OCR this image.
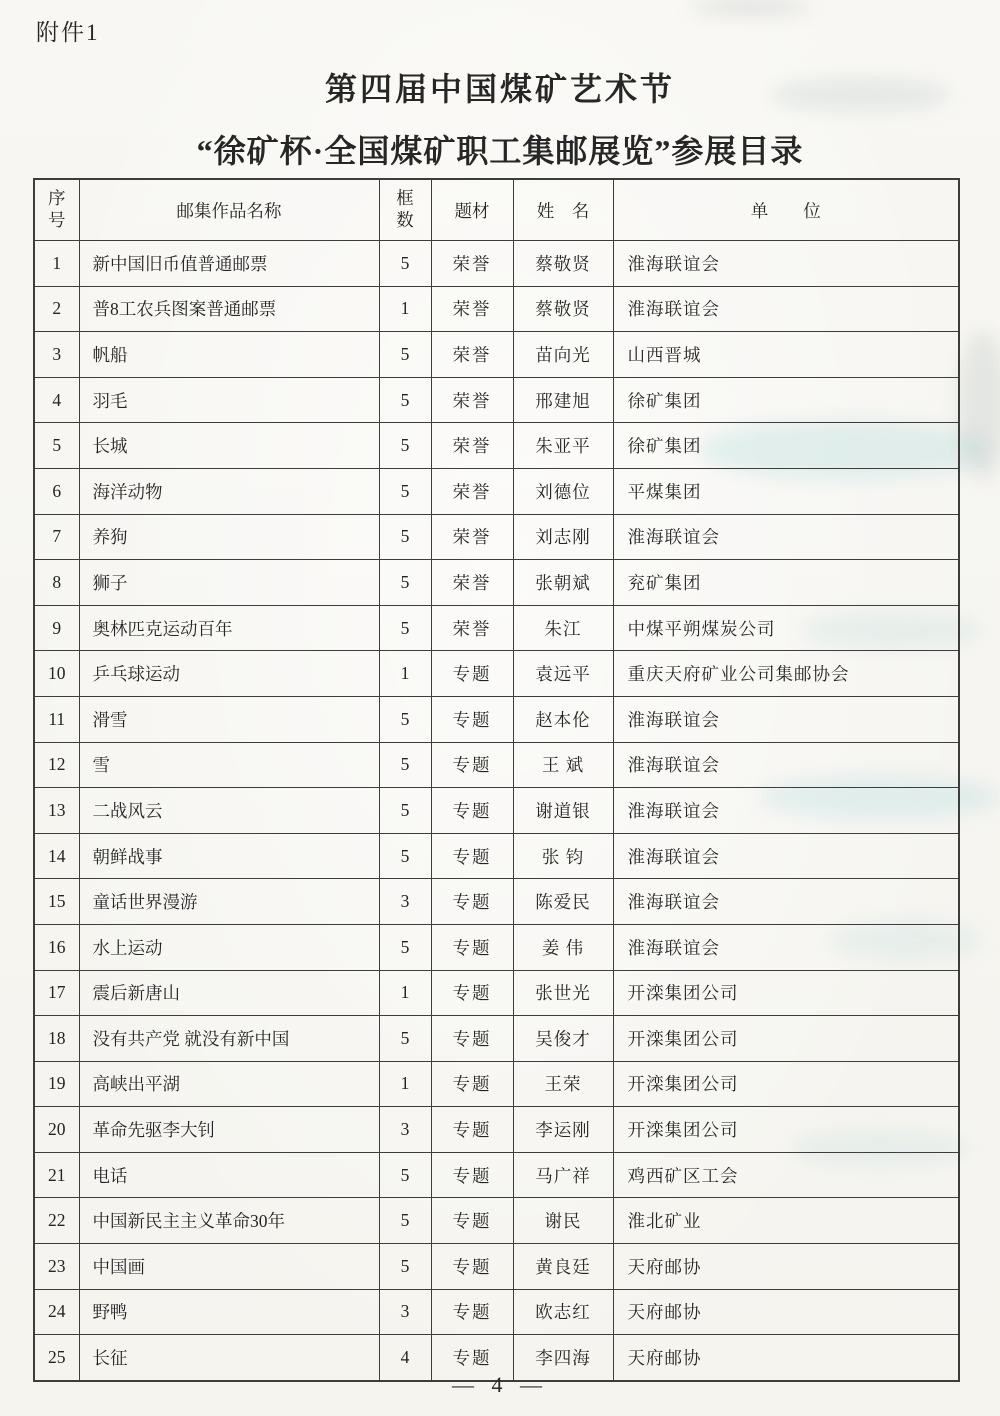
附件1
第四届中国煤矿艺术节
“徐矿杯·全国煤矿职工集邮展览”参展目录
序号	邮集作品名称	框数	题材	姓　名	单　　位
1	新中国旧币值普通邮票	5	荣誉	蔡敬贤	淮海联谊会
2	普8工农兵图案普通邮票	1	荣誉	蔡敬贤	淮海联谊会
3	帆船	5	荣誉	苗向光	山西晋城
4	羽毛	5	荣誉	邢建旭	徐矿集团
5	长城	5	荣誉	朱亚平	徐矿集团
6	海洋动物	5	荣誉	刘德位	平煤集团
7	养狗	5	荣誉	刘志刚	淮海联谊会
8	狮子	5	荣誉	张朝斌	兖矿集团
9	奥林匹克运动百年	5	荣誉	朱江	中煤平朔煤炭公司
10	乒乓球运动	1	专题	袁远平	重庆天府矿业公司集邮协会
11	滑雪	5	专题	赵本伦	淮海联谊会
12	雪	5	专题	王 斌	淮海联谊会
13	二战风云	5	专题	谢道银	淮海联谊会
14	朝鲜战事	5	专题	张 钧	淮海联谊会
15	童话世界漫游	3	专题	陈爱民	淮海联谊会
16	水上运动	5	专题	姜 伟	淮海联谊会
17	震后新唐山	1	专题	张世光	开滦集团公司
18	没有共产党 就没有新中国	5	专题	吴俊才	开滦集团公司
19	高峡出平湖	1	专题	王荣	开滦集团公司
20	革命先驱李大钊	3	专题	李运刚	开滦集团公司
21	电话	5	专题	马广祥	鸡西矿区工会
22	中国新民主主义革命30年	5	专题	谢民	淮北矿业
23	中国画	5	专题	黄良廷	天府邮协
24	野鸭	3	专题	欧志红	天府邮协
25	长征	4	专题	李四海	天府邮协
— 4 —
